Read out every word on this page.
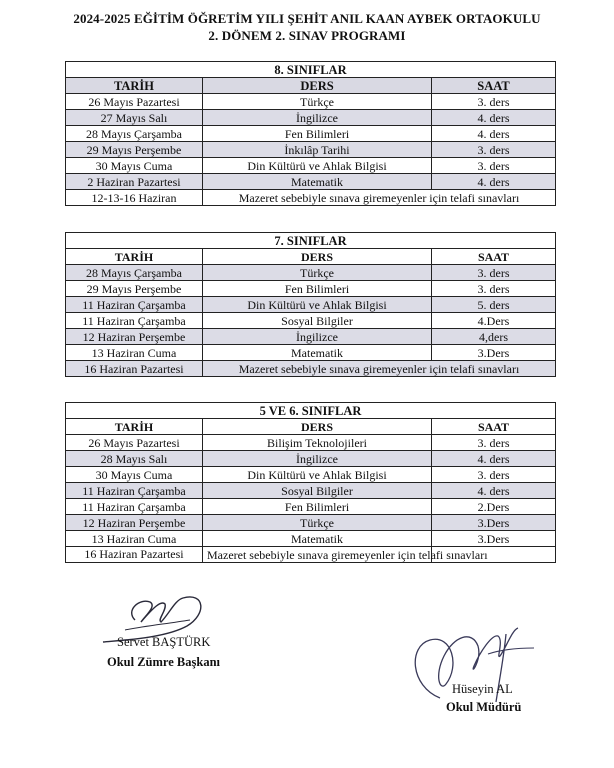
2024-2025 EĞİTİM ÖĞRETİM YILI ŞEHİT ANIL KAAN AYBEK ORTAOKULU
2. DÖNEM 2. SINAV PROGRAMI
8. SINIFLAR		
TARİH	DERS	SAAT
26 Mayıs Pazartesi	Türkçe	3. ders
27 Mayıs Salı	İngilizce	4. ders
28 Mayıs Çarşamba	Fen Bilimleri	4. ders
29 Mayıs Perşembe	İnkılâp Tarihi	3. ders
30 Mayıs Cuma	Din Kültürü ve Ahlak Bilgisi	3. ders
2 Haziran Pazartesi	Matematik	4. ders
12-13-16 Haziran	Mazeret sebebiyle sınava giremeyenler için telafi sınavları	
7. SINIFLAR		
TARİH	DERS	SAAT
28 Mayıs Çarşamba	Türkçe	3. ders
29 Mayıs Perşembe	Fen Bilimleri	3. ders
11 Haziran Çarşamba	Din Kültürü ve Ahlak Bilgisi	5. ders
11 Haziran Çarşamba	Sosyal Bilgiler	4.Ders
12 Haziran Perşembe	İngilizce	4,ders
13 Haziran Cuma	Matematik	3.Ders
16 Haziran Pazartesi	Mazeret sebebiyle sınava giremeyenler için telafi sınavları	
5 VE 6. SINIFLAR		
TARİH	DERS	SAAT
26 Mayıs Pazartesi	Bilişim Teknolojileri	3. ders
28 Mayıs Salı	İngilizce	4. ders
30 Mayıs Cuma	Din Kültürü ve Ahlak Bilgisi	3. ders
11 Haziran Çarşamba	Sosyal Bilgiler	4. ders
11 Haziran Çarşamba	Fen Bilimleri	2.Ders
12 Haziran Perşembe	Türkçe	3.Ders
13 Haziran Cuma	Matematik	3.Ders
16 Haziran Pazartesi	Mazeret sebebiyle sınava giremeyenler için telafi sınavları	
Servet BAŞTÜRK
Okul Zümre Başkanı
Hüseyin AL
Okul Müdürü
